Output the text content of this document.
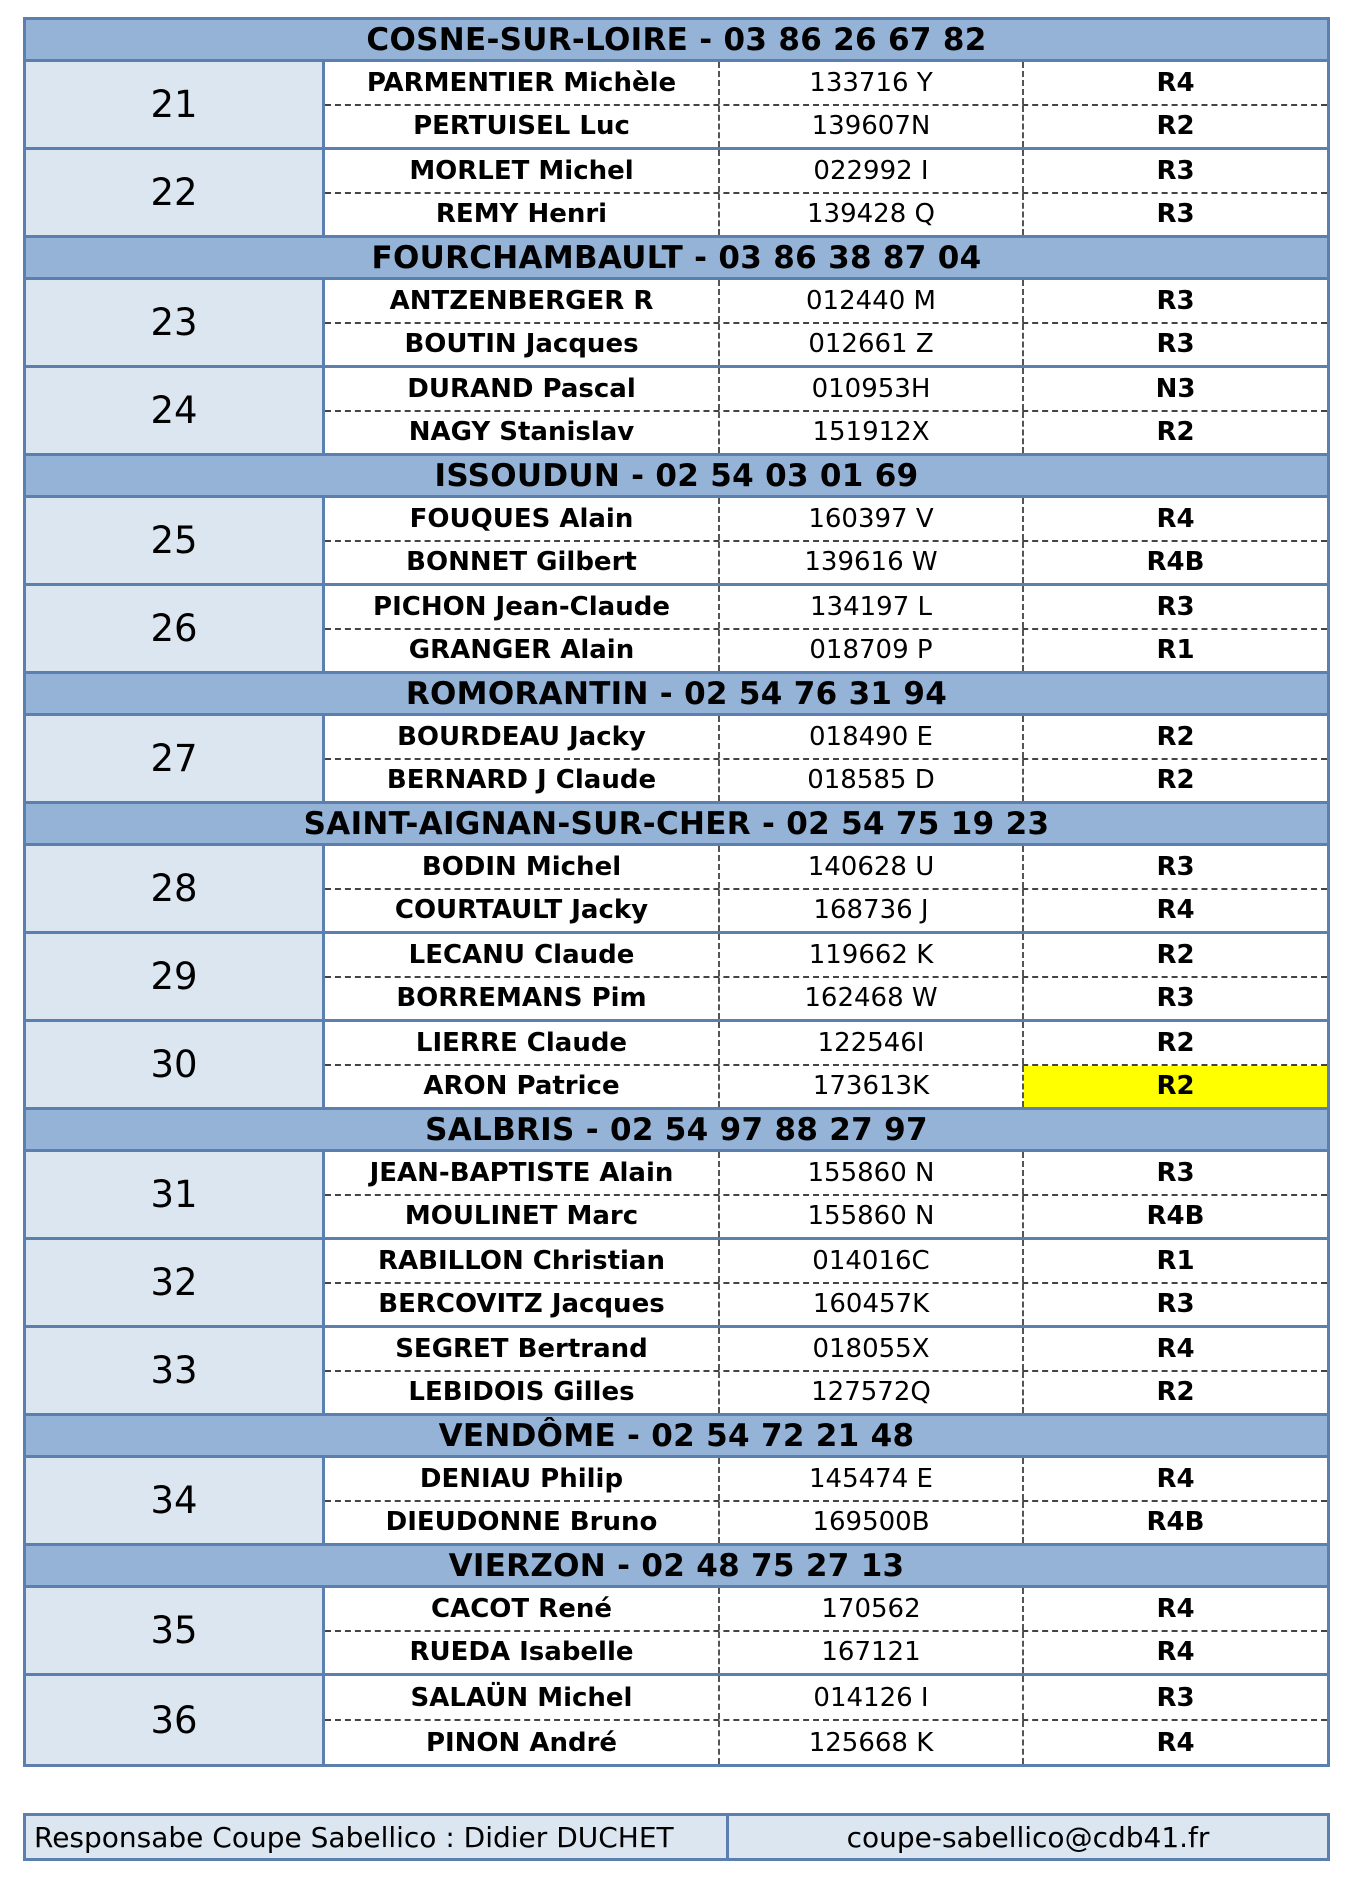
COSNE-SUR-LOIRE - 03 86 26 67 82
21
PARMENTIER Michèle	133716 Y	R4
PERTUISEL Luc	139607N	R2
22
MORLET Michel	022992 I	R3
REMY Henri	139428 Q	R3
FOURCHAMBAULT - 03 86 38 87 04
23
ANTZENBERGER R	012440 M	R3
BOUTIN Jacques	012661 Z	R3
24
DURAND Pascal	010953H	N3
NAGY Stanislav	151912X	R2
ISSOUDUN - 02 54 03 01 69
25
FOUQUES Alain	160397 V	R4
BONNET Gilbert	139616 W	R4B
26
PICHON Jean-Claude	134197 L	R3
GRANGER Alain	018709 P	R1
ROMORANTIN - 02 54 76 31 94
27
BOURDEAU Jacky	018490 E	R2
BERNARD J Claude	018585 D	R2
SAINT-AIGNAN-SUR-CHER - 02 54 75 19 23
28
BODIN Michel	140628 U	R3
COURTAULT Jacky	168736 J	R4
29
LECANU Claude	119662 K	R2
BORREMANS Pim	162468 W	R3
30
LIERRE Claude	122546I	R2
ARON Patrice	173613K	R2
SALBRIS - 02 54 97 88 27 97
31
JEAN-BAPTISTE Alain	155860 N	R3
MOULINET Marc	155860 N	R4B
32
RABILLON Christian	014016C	R1
BERCOVITZ Jacques	160457K	R3
33
SEGRET Bertrand	018055X	R4
LEBIDOIS Gilles	127572Q	R2
VENDÔME - 02 54 72 21 48
34
DENIAU Philip	145474 E	R4
DIEUDONNE Bruno	169500B	R4B
VIERZON - 02 48 75 27 13
35
CACOT René	170562	R4
RUEDA Isabelle	167121	R4
36
SALAÜN Michel	014126 I	R3
PINON André	125668 K	R4
Responsabe Coupe Sabellico : Didier DUCHET	coupe-sabellico@cdb41.fr
